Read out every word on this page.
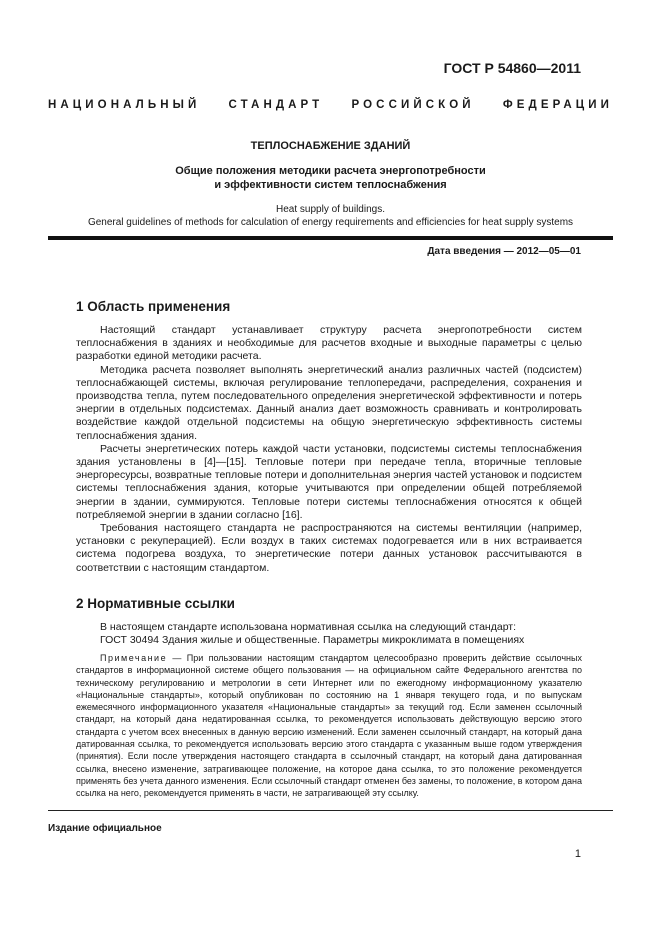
ГОСТ Р 54860—2011
НАЦИОНАЛЬНЫЙ СТАНДАРТ РОССИЙСКОЙ ФЕДЕРАЦИИ
ТЕПЛОСНАБЖЕНИЕ ЗДАНИЙ
Общие положения методики расчета энергопотребности
и эффективности систем теплоснабжения
Heat supply of buildings.
General guidelines of methods for calculation of energy requirements and efficiencies for heat supply systems
Дата введения — 2012—05—01
1 Область применения

Настоящий стандарт устанавливает структуру расчета энергопотребности систем теплоснабжения в зданиях и необходимые для расчетов входные и выходные параметры с целью разработки единой методики расчета.

Методика расчета позволяет выполнять энергетический анализ различных частей (подсистем) теплоснабжающей системы, включая регулирование теплопередачи, распределения, сохранения и производства тепла, путем последовательного определения энергетической эффективности и потерь энергии в отдельных подсистемах. Данный анализ дает возможность сравнивать и контролировать воздействие каждой отдельной подсистемы на общую энергетическую эффективность системы теплоснабжения здания.

Расчеты энергетических потерь каждой части установки, подсистемы системы теплоснабжения здания установлены в [4]—[15]. Тепловые потери при передаче тепла, вторичные тепловые энергоресурсы, возвратные тепловые потери и дополнительная энергия частей установок и подсистем системы теплоснабжения здания, которые учитываются при определении общей потребляемой энергии в здании, суммируются. Тепловые потери системы теплоснабжения относятся к общей потребляемой энергии в здании согласно [16].

Требования настоящего стандарта не распространяются на системы вентиляции (например, установки с рекуперацией). Если воздух в таких системах подогревается или в них встраивается система подогрева воздуха, то энергетические потери данных установок рассчитываются в соответствии с настоящим стандартом.

2 Нормативные ссылки

В настоящем стандарте использована нормативная ссылка на следующий стандарт:

ГОСТ 30494 Здания жилые и общественные. Параметры микроклимата в помещениях

Примечание — При пользовании настоящим стандартом целесообразно проверить действие ссылочных стандартов в информационной системе общего пользования — на официальном сайте Федерального агентства по техническому регулированию и метрологии в сети Интернет или по ежегодному информационному указателю «Национальные стандарты», который опубликован по состоянию на 1 января текущего года, и по выпускам ежемесячного информационного указателя «Национальные стандарты» за текущий год. Если заменен ссылочный стандарт, на который дана недатированная ссылка, то рекомендуется использовать действующую версию этого стандарта с учетом всех внесенных в данную версию изменений. Если заменен ссылочный стандарт, на который дана датированная ссылка, то рекомендуется использовать версию этого стандарта с указанным выше годом утверждения (принятия). Если после утверждения настоящего стандарта в ссылочный стандарт, на который дана датированная ссылка, внесено изменение, затрагивающее положение, на которое дана ссылка, то это положение рекомендуется применять без учета данного изменения. Если ссылочный стандарт отменен без замены, то положение, в котором дана ссылка на него, рекомендуется применять в части, не затрагивающей эту ссылку.
Издание официальное
1
